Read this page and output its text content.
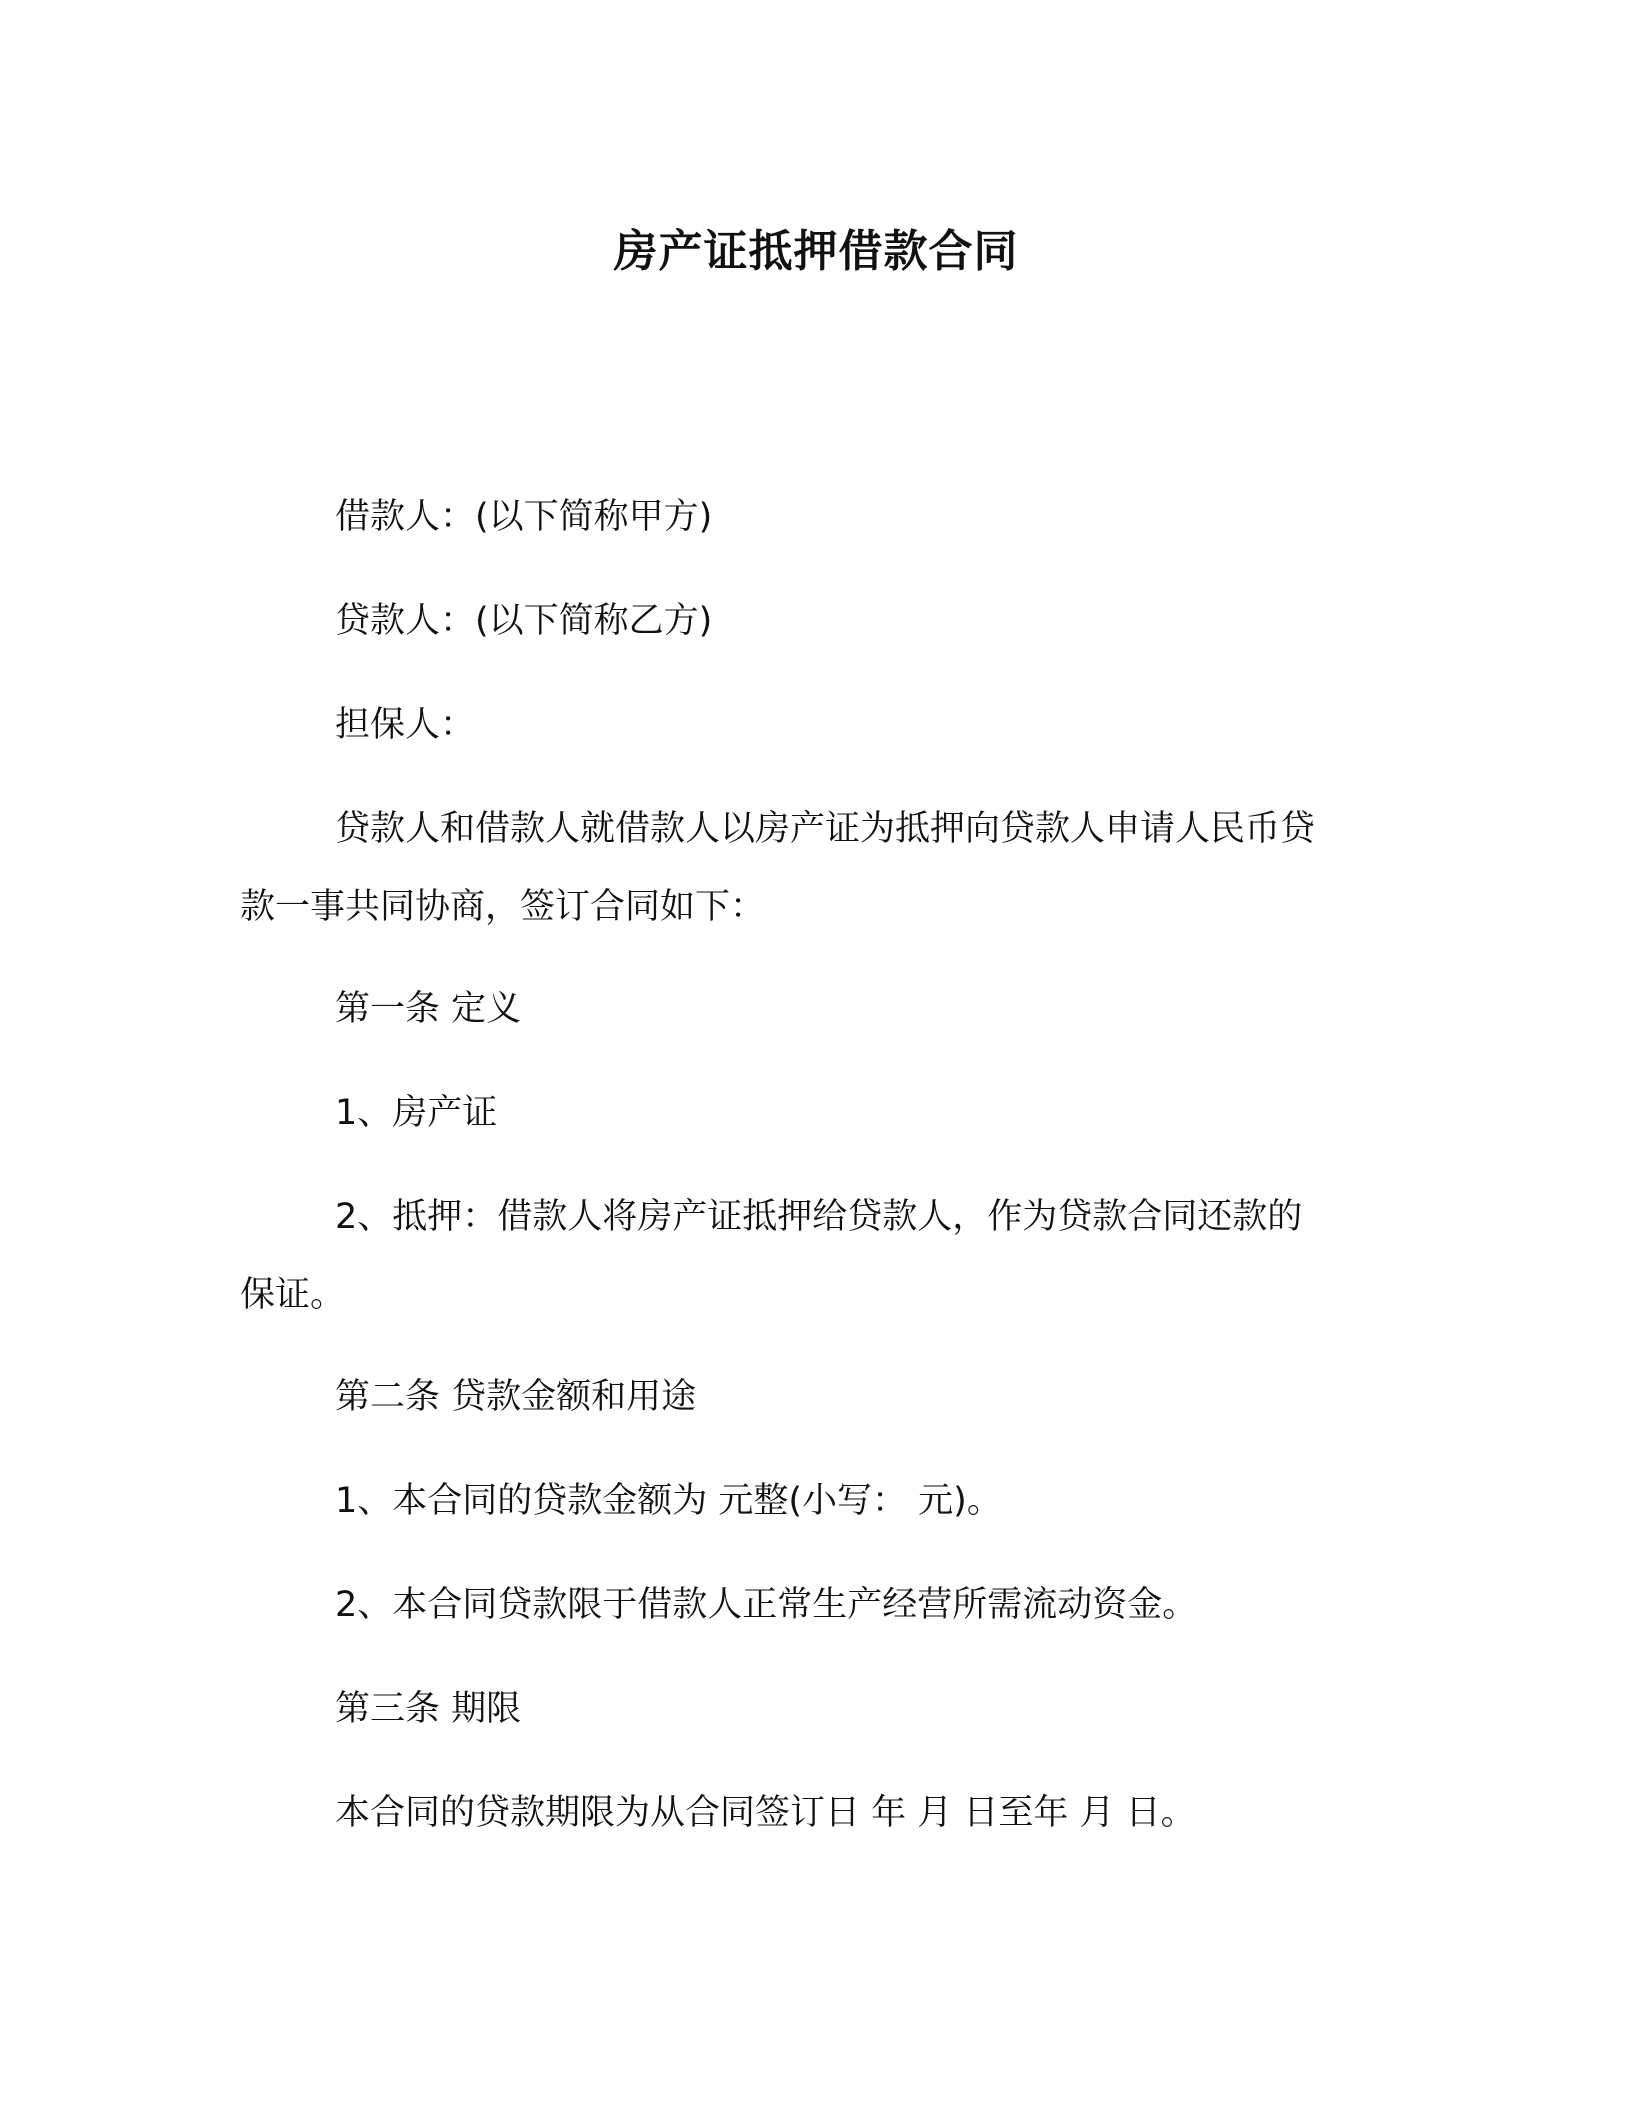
房产证抵押借款合同
借款人：(以下简称甲方)
贷款人：(以下简称乙方)
担保人：
贷款人和借款人就借款人以房产证为抵押向贷款人申请人民币贷
款一事共同协商，签订合同如下：
第一条 定义
1、房产证
2、抵押：借款人将房产证抵押给贷款人，作为贷款合同还款的
保证。
第二条 贷款金额和用途
1、本合同的贷款金额为 元整(小写： 元)。
2、本合同贷款限于借款人正常生产经营所需流动资金。
第三条 期限
本合同的贷款期限为从合同签订日 年 月 日至年 月 日。
